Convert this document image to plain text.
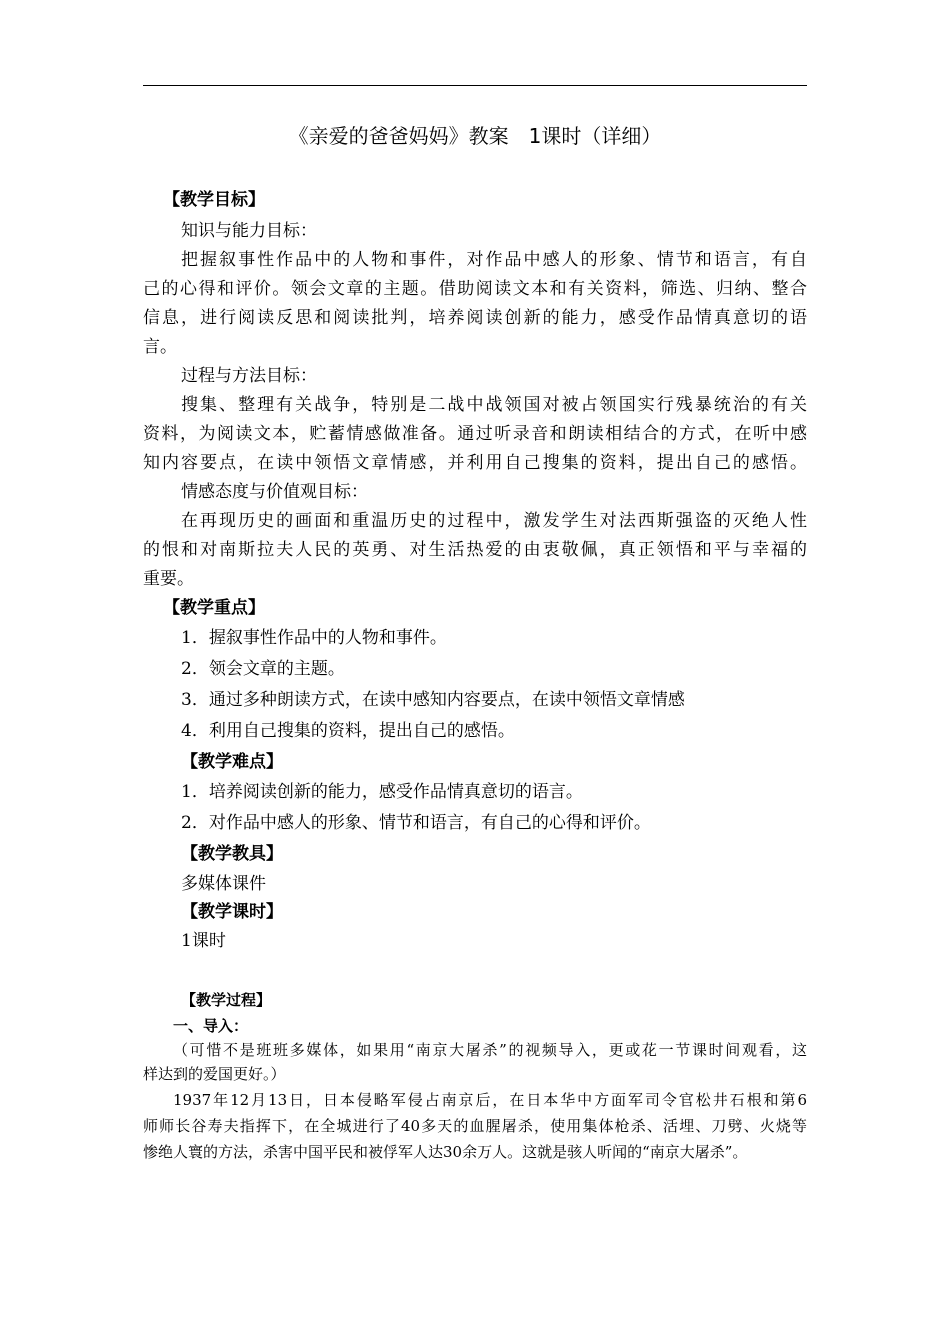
《亲爱的爸爸妈妈》教案　1课时（详细）
【教学目标】
知识与能力目标：
把握叙事性作品中的人物和事件，对作品中感人的形象、情节和语言，有自
己的心得和评价。领会文章的主题。借助阅读文本和有关资料，筛选、归纳、整合
信息，进行阅读反思和阅读批判，培养阅读创新的能力，感受作品情真意切的语
言。
过程与方法目标：
搜集、整理有关战争，特别是二战中战领国对被占领国实行残暴统治的有关
资料，为阅读文本，贮蓄情感做准备。通过听录音和朗读相结合的方式，在听中感
知内容要点，在读中领悟文章情感，并利用自己搜集的资料，提出自己的感悟。
情感态度与价值观目标：
在再现历史的画面和重温历史的过程中，激发学生对法西斯强盗的灭绝人性
的恨和对南斯拉夫人民的英勇、对生活热爱的由衷敬佩，真正领悟和平与幸福的
重要。
【教学重点】
1．握叙事性作品中的人物和事件。
2．领会文章的主题。
3．通过多种朗读方式，在读中感知内容要点，在读中领悟文章情感
4．利用自己搜集的资料，提出自己的感悟。
【教学难点】
1．培养阅读创新的能力，感受作品情真意切的语言。
2．对作品中感人的形象、情节和语言，有自己的心得和评价。
【教学教具】
多媒体课件
【教学课时】
1课时
【教学过程】
一、导入：
（可惜不是班班多媒体，如果用“南京大屠杀”的视频导入，更或花一节课时间观看，这
样达到的爱国更好。）
1937年12月13日，日本侵略军侵占南京后，在日本华中方面军司令官松井石根和第6
师师长谷寿夫指挥下，在全城进行了40多天的血腥屠杀，使用集体枪杀、活埋、刀劈、火烧等
惨绝人寰的方法，杀害中国平民和被俘军人达30余万人。这就是骇人听闻的“南京大屠杀”。
